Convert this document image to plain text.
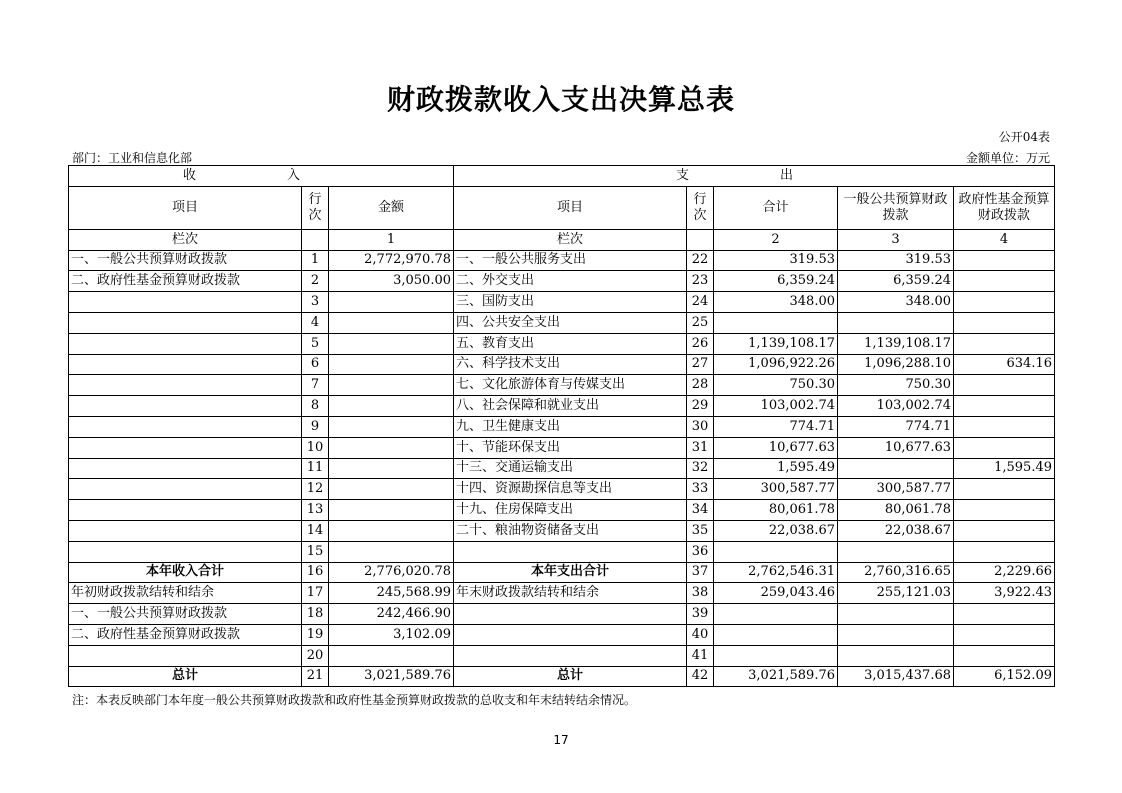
财政拨款收入支出决算总表
公开04表
部门：工业和信息化部	金额单位：万元
收　入			支　出				
项目	行次	金额	项目	行次	合计	一般公共预算财政拨款	政府性基金预算财政拨款
栏次		1	栏次		2	3	4
一、一般公共预算财政拨款	1	2,772,970.78	一、一般公共服务支出	22	319.53	319.53	
二、政府性基金预算财政拨款	2	3,050.00	二、外交支出	23	6,359.24	6,359.24	
	3		三、国防支出	24	348.00	348.00	
	4		四、公共安全支出	25			
	5		五、教育支出	26	1,139,108.17	1,139,108.17	
	6		六、科学技术支出	27	1,096,922.26	1,096,288.10	634.16
	7		七、文化旅游体育与传媒支出	28	750.30	750.30	
	8		八、社会保障和就业支出	29	103,002.74	103,002.74	
	9		九、卫生健康支出	30	774.71	774.71	
	10		十、节能环保支出	31	10,677.63	10,677.63	
	11		十三、交通运输支出	32	1,595.49		1,595.49
	12		十四、资源勘探信息等支出	33	300,587.77	300,587.77	
	13		十九、住房保障支出	34	80,061.78	80,061.78	
	14		二十、粮油物资储备支出	35	22,038.67	22,038.67	
	15			36			
本年收入合计	16	2,776,020.78	本年支出合计	37	2,762,546.31	2,760,316.65	2,229.66
年初财政拨款结转和结余	17	245,568.99	年末财政拨款结转和结余	38	259,043.46	255,121.03	3,922.43
一、一般公共预算财政拨款	18	242,466.90		39			
二、政府性基金预算财政拨款	19	3,102.09		40			
	20			41			
总计	21	3,021,589.76	总计	42	3,021,589.76	3,015,437.68	6,152.09
注：本表反映部门本年度一般公共预算财政拨款和政府性基金预算财政拨款的总收支和年末结转结余情况。
17
